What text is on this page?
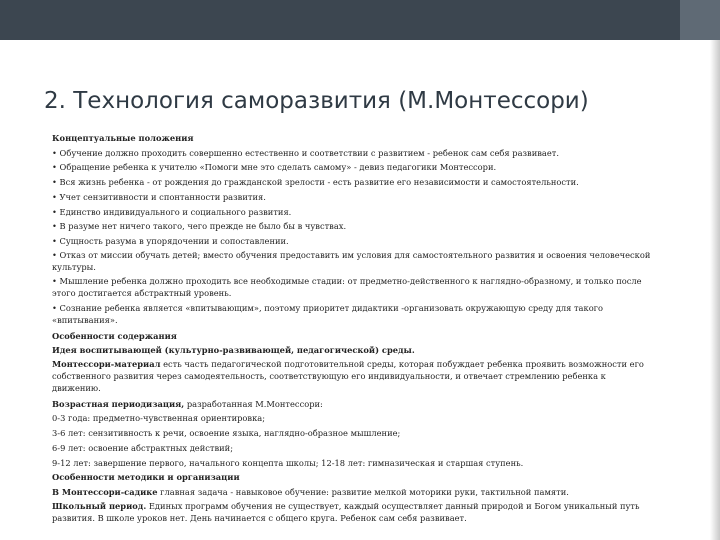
2. Технология саморазвития (М.Монтессори)

Концептуальные положения

• Обучение должно проходить совершенно естественно и соответствии с развитием - ребенок сам себя развивает.

• Обращение ребенка к учителю «Помоги мне это сделать самому» - девиз педагогики Монтессори.

• Вся жизнь ребенка - от рождения до гражданской зрелости - есть развитие его независимости и самостоятельности.

• Учет сензитивности и спонтанности развития.

• Единство индивидуального и социального развития.

• В разуме нет ничего такого, чего прежде не было бы в чувствах.

• Сущность разума в упорядочении и сопоставлении.

• Отказ от миссии обучать детей; вместо обучения предоставить им условия для самостоятельного развития и освоения человеческой культуры.

• Мышление ребенка должно проходить все необходимые стадии: от предметно-действенного к наглядно-образному, и только после этого достигается абстрактный уровень.

• Сознание ребенка является «впитывающим», поэтому приоритет дидактики -организовать окружающую среду для такого «впитывания».

Особенности содержания

Идея воспитывающей (культурно-развивающей, педагогической) среды.

Монтессори-материал есть часть педагогической подготовительной среды, которая побуждает ребенка проявить возможности его собственного развития через самодеятельность, соответствующую его индивидуальности, и отвечает стремлению ребенка к движению.

Возрастная периодизация, разработанная М.Монтессори:

0-3 года: предметно-чувственная ориентировка;

3-6 лет: сензитивность к речи, освоение языка, наглядно-образное мышление;

6-9 лет: освоение абстрактных действий;

9-12 лет: завершение первого, начального концепта школы; 12-18 лет: гимназическая и старшая ступень.

Особенности методики и организации

В Монтессори-садике главная задача - навыковое обучение: развитие мелкой моторики руки, тактильной памяти.

Школьный период. Единых программ обучения не существует, каждый осуществляет данный природой и Богом уникальный путь развития. В школе уроков нет. День начинается с общего круга. Ребенок сам себя развивает.
